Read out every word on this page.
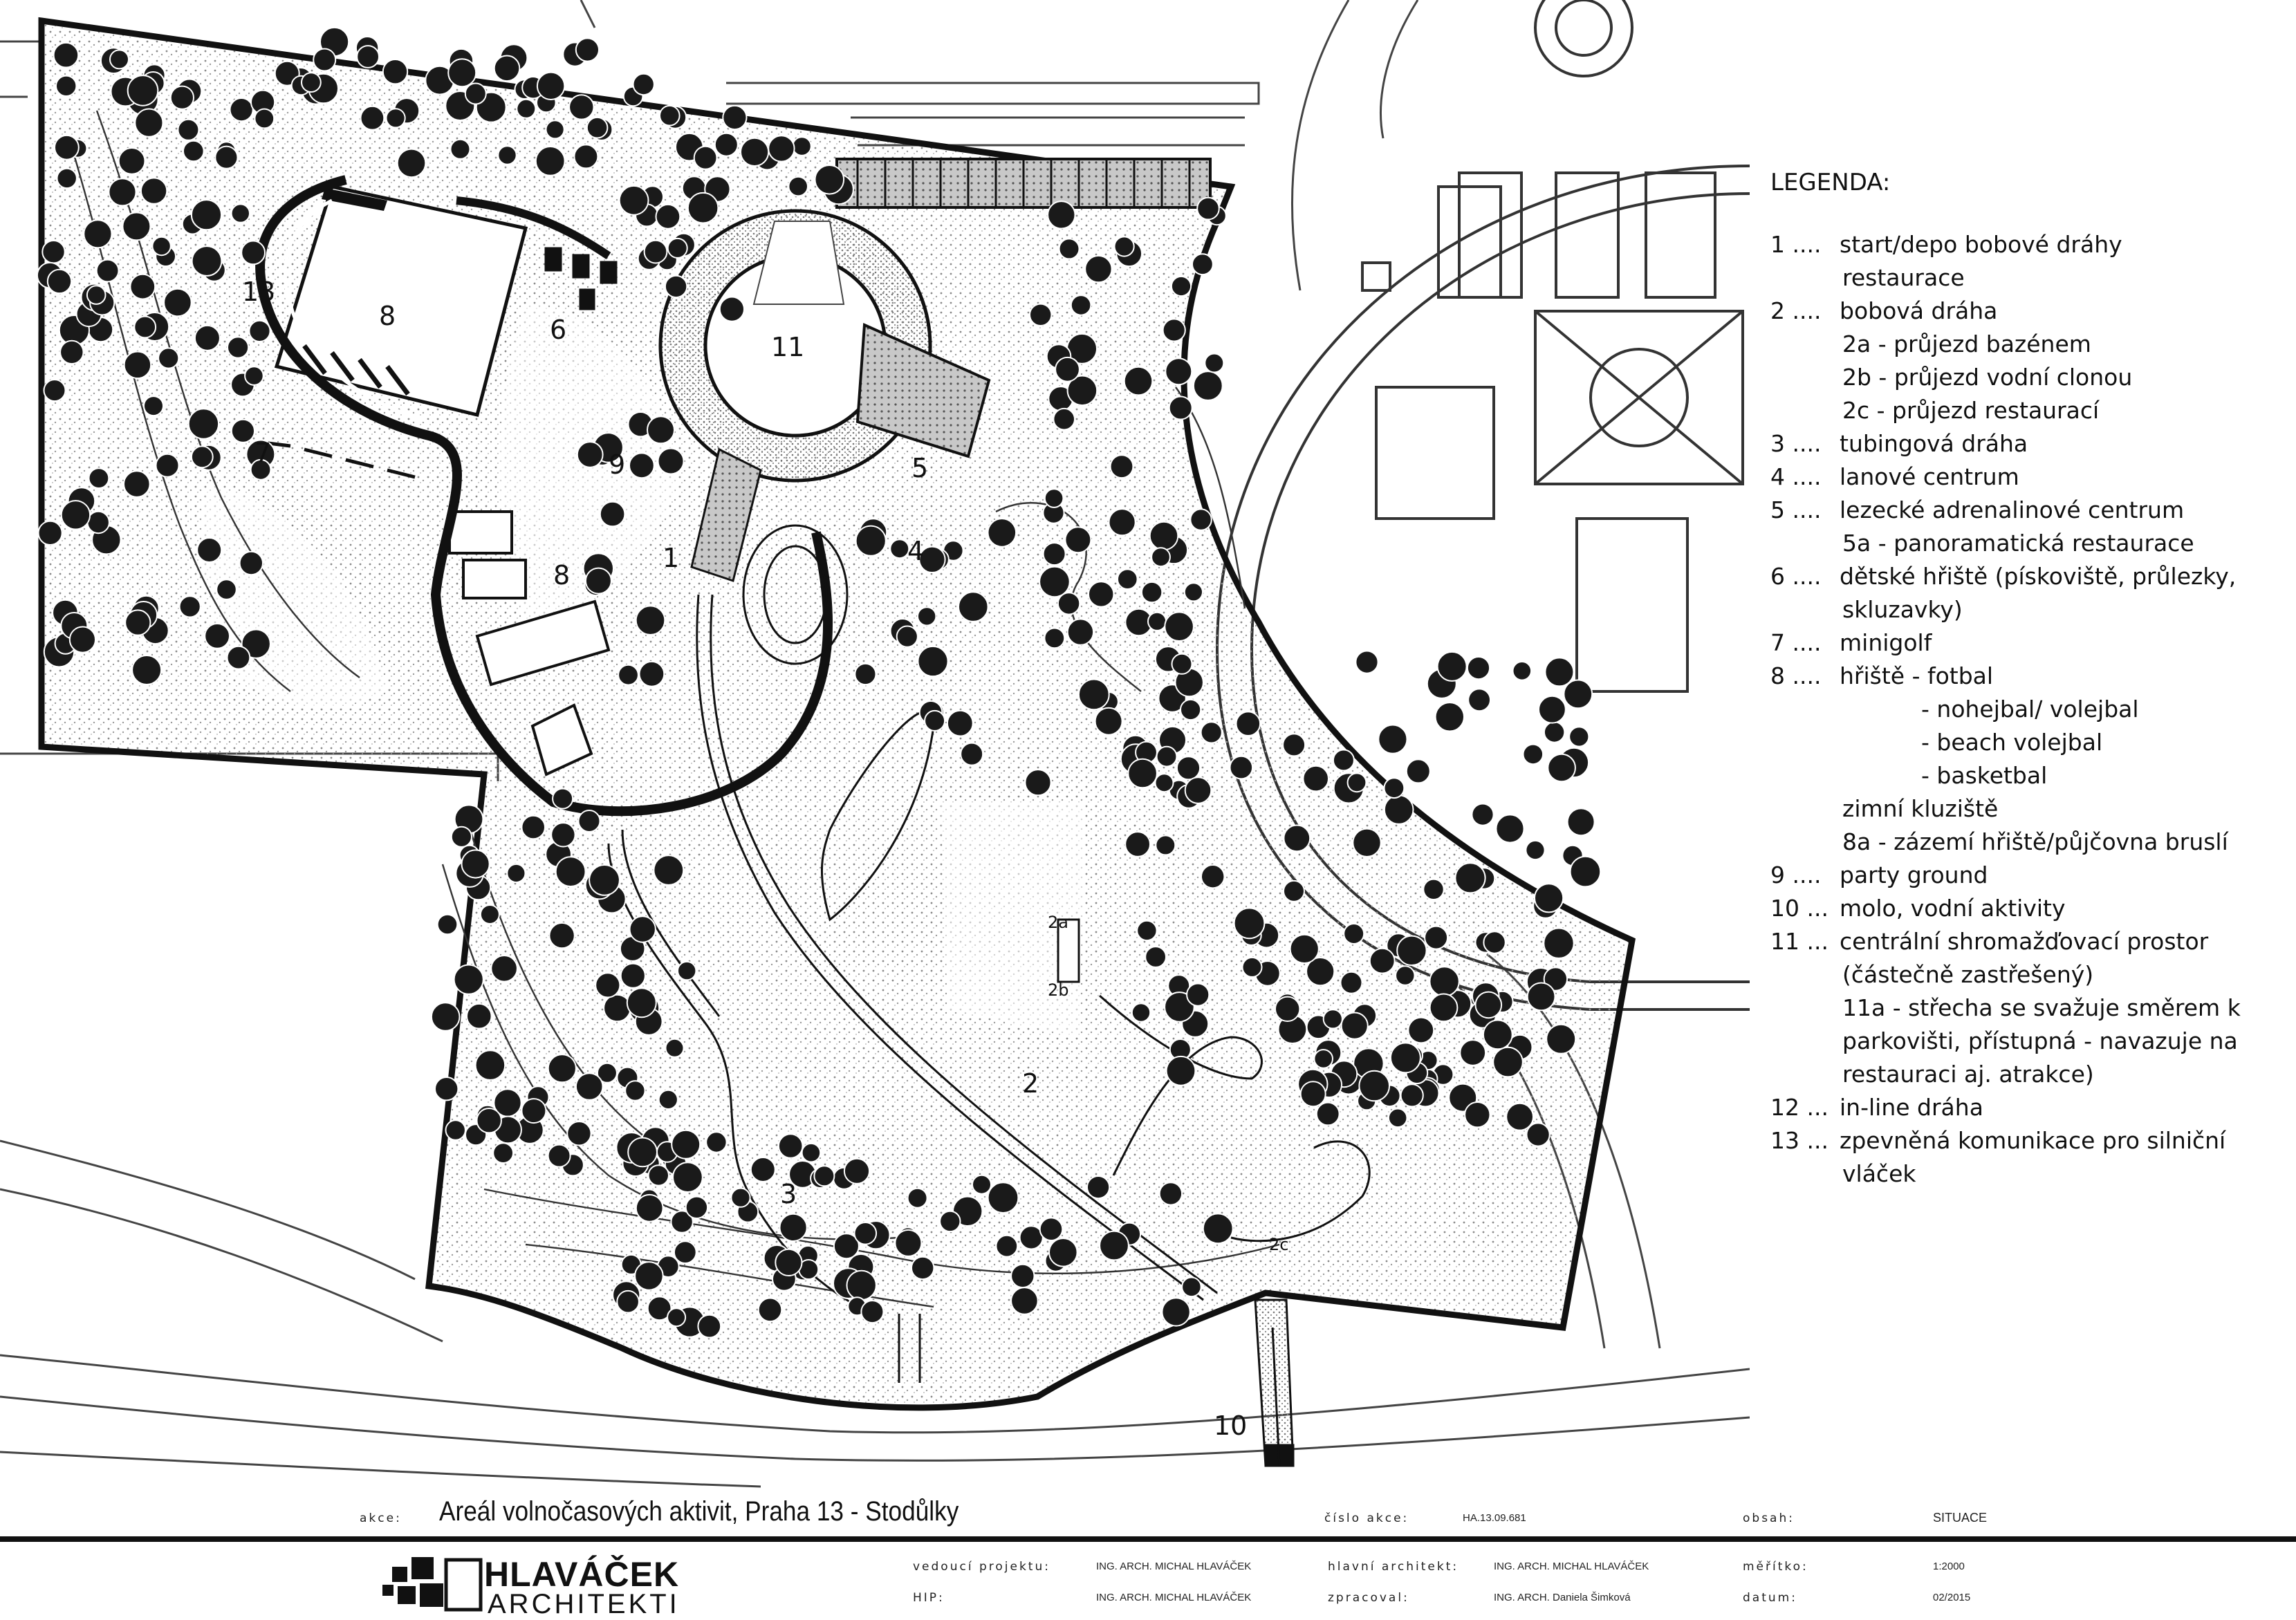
11
8
13
6
9
7
8
1
5
4
2a
2b
2
3
2c
10
LEGENDA:
1 .... start/depo bobové dráhy
restaurace
2 .... bobová dráha
2a - průjezd bazénem
2b - průjezd vodní clonou
2c - průjezd restaurací
3 .... tubingová dráha
4 .... lanové centrum
5 .... lezecké adrenalinové centrum
5a - panoramatická restaurace
6 .... dětské hřiště (pískoviště, průlezky,
skluzavky)
7 .... minigolf
8 .... hřiště - fotbal
- nohejbal/ volejbal
- beach volejbal
- basketbal
zimní kluziště
8a - zázemí hřiště/půjčovna bruslí
9 .... party ground
10 ... molo, vodní aktivity
11 ... centrální shromažďovací prostor
(částečně zastřešený)
11a - střecha se svažuje směrem k
parkovišti, přístupná - navazuje na
restauraci aj. atrakce)
12 ... in-line dráha
13 ... zpevněná komunikace pro silniční
vláček
akce: Areál volnočasových aktivit, Praha 13 - Stodůlky	číslo akce:	HA.13.09.681	obsah:	SITUACE
HLAVÁČEK
ARCHITEKTI
vedoucí projektu:	ING. ARCH. MICHAL HLAVÁČEK
HIP:	ING. ARCH. MICHAL HLAVÁČEK
hlavní architekt:	ING. ARCH. MICHAL HLAVÁČEK
zpracoval:	ING. ARCH. Daniela Šimková
měřítko:	1:2000
datum:	02/2015
